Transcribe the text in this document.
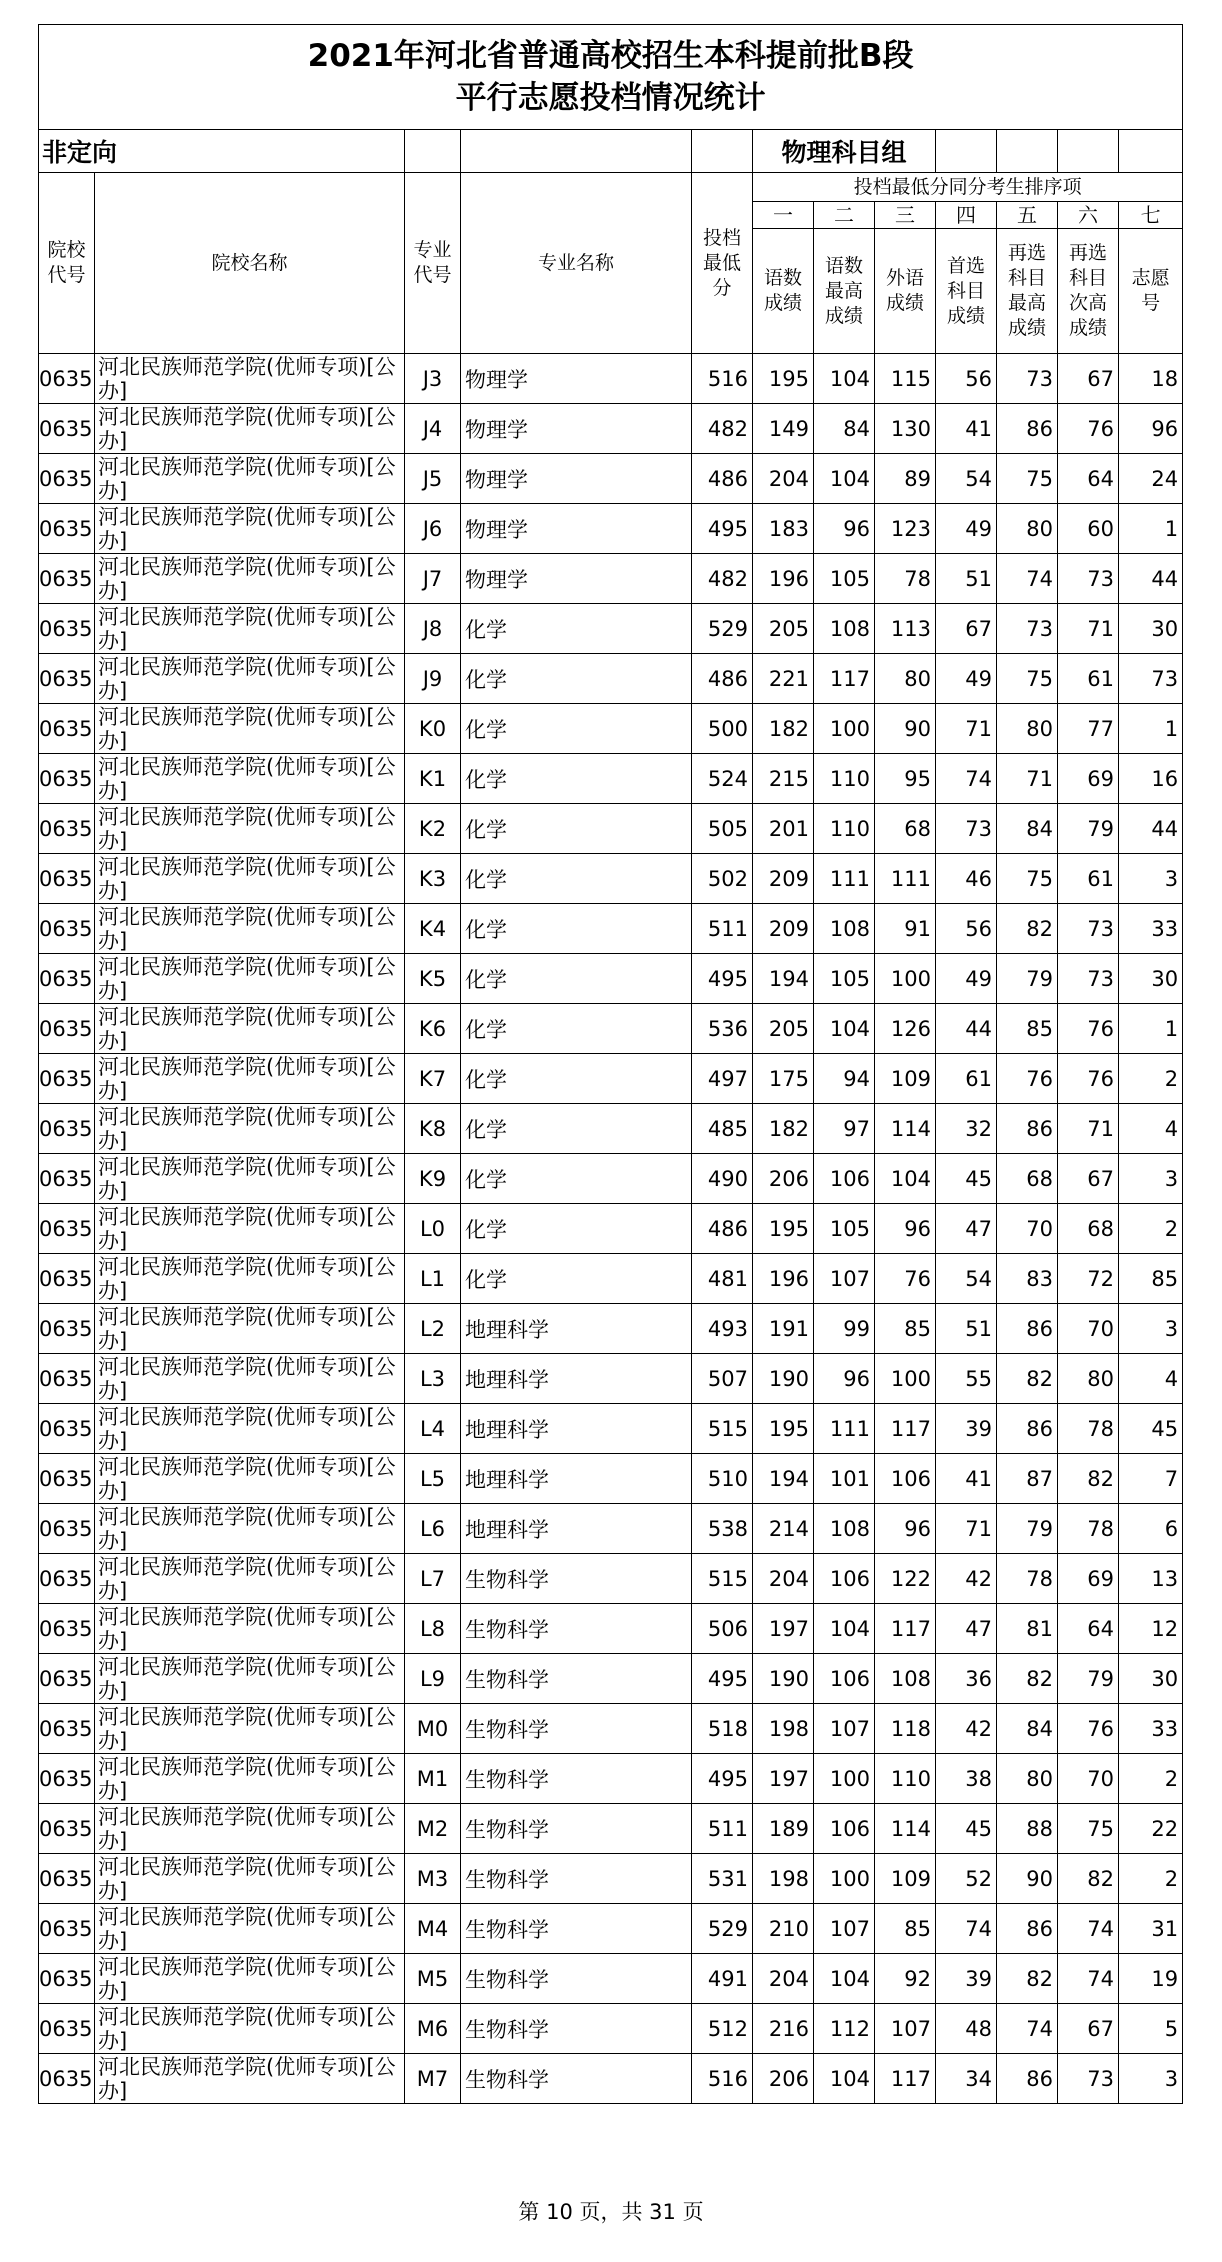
2021年河北省普通高校招生本科提前批B段
平行志愿投档情况统计											

非定向					物理科目组						

院校代号	院校名称	专业代号	专业名称	投档最低分	投档最低分同分考生排序项						
					一	二	三	四	五	六	七

					语数成绩	语数最高成绩	外语成绩	首选科目成绩	再选科目最高成绩	再选科目次高成绩	志愿号

0635	河北民族师范学院(优师专项)[公办]	J3	物理学	516	195	104	115	56	73	67	18
0635	河北民族师范学院(优师专项)[公办]	J4	物理学	482	149	84	130	41	86	76	96
0635	河北民族师范学院(优师专项)[公办]	J5	物理学	486	204	104	89	54	75	64	24
0635	河北民族师范学院(优师专项)[公办]	J6	物理学	495	183	96	123	49	80	60	1
0635	河北民族师范学院(优师专项)[公办]	J7	物理学	482	196	105	78	51	74	73	44
0635	河北民族师范学院(优师专项)[公办]	J8	化学	529	205	108	113	67	73	71	30
0635	河北民族师范学院(优师专项)[公办]	J9	化学	486	221	117	80	49	75	61	73
0635	河北民族师范学院(优师专项)[公办]	K0	化学	500	182	100	90	71	80	77	1
0635	河北民族师范学院(优师专项)[公办]	K1	化学	524	215	110	95	74	71	69	16
0635	河北民族师范学院(优师专项)[公办]	K2	化学	505	201	110	68	73	84	79	44
0635	河北民族师范学院(优师专项)[公办]	K3	化学	502	209	111	111	46	75	61	3
0635	河北民族师范学院(优师专项)[公办]	K4	化学	511	209	108	91	56	82	73	33
0635	河北民族师范学院(优师专项)[公办]	K5	化学	495	194	105	100	49	79	73	30
0635	河北民族师范学院(优师专项)[公办]	K6	化学	536	205	104	126	44	85	76	1
0635	河北民族师范学院(优师专项)[公办]	K7	化学	497	175	94	109	61	76	76	2
0635	河北民族师范学院(优师专项)[公办]	K8	化学	485	182	97	114	32	86	71	4
0635	河北民族师范学院(优师专项)[公办]	K9	化学	490	206	106	104	45	68	67	3
0635	河北民族师范学院(优师专项)[公办]	L0	化学	486	195	105	96	47	70	68	2
0635	河北民族师范学院(优师专项)[公办]	L1	化学	481	196	107	76	54	83	72	85
0635	河北民族师范学院(优师专项)[公办]	L2	地理科学	493	191	99	85	51	86	70	3
0635	河北民族师范学院(优师专项)[公办]	L3	地理科学	507	190	96	100	55	82	80	4
0635	河北民族师范学院(优师专项)[公办]	L4	地理科学	515	195	111	117	39	86	78	45
0635	河北民族师范学院(优师专项)[公办]	L5	地理科学	510	194	101	106	41	87	82	7
0635	河北民族师范学院(优师专项)[公办]	L6	地理科学	538	214	108	96	71	79	78	6
0635	河北民族师范学院(优师专项)[公办]	L7	生物科学	515	204	106	122	42	78	69	13
0635	河北民族师范学院(优师专项)[公办]	L8	生物科学	506	197	104	117	47	81	64	12
0635	河北民族师范学院(优师专项)[公办]	L9	生物科学	495	190	106	108	36	82	79	30
0635	河北民族师范学院(优师专项)[公办]	M0	生物科学	518	198	107	118	42	84	76	33
0635	河北民族师范学院(优师专项)[公办]	M1	生物科学	495	197	100	110	38	80	70	2
0635	河北民族师范学院(优师专项)[公办]	M2	生物科学	511	189	106	114	45	88	75	22
0635	河北民族师范学院(优师专项)[公办]	M3	生物科学	531	198	100	109	52	90	82	2
0635	河北民族师范学院(优师专项)[公办]	M4	生物科学	529	210	107	85	74	86	74	31
0635	河北民族师范学院(优师专项)[公办]	M5	生物科学	491	204	104	92	39	82	74	19
0635	河北民族师范学院(优师专项)[公办]	M6	生物科学	512	216	112	107	48	74	67	5
0635	河北民族师范学院(优师专项)[公办]	M7	生物科学	516	206	104	117	34	86	73	3
第 10 页，共 31 页
